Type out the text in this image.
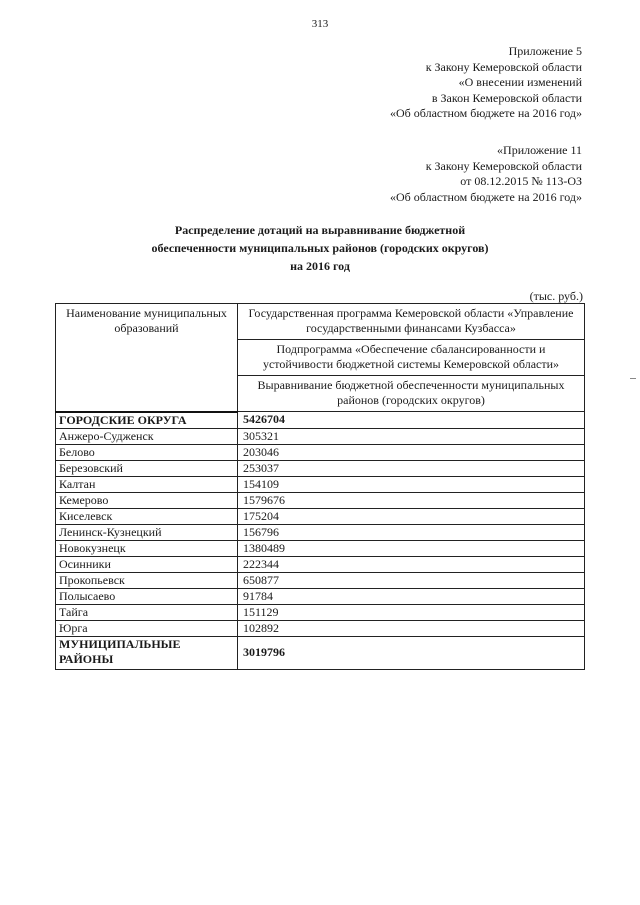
313
Приложение 5
к Закону Кемеровской области
«О внесении изменений
в Закон Кемеровской области
«Об областном бюджете на 2016 год»
«Приложение 11
к Закону Кемеровской области
от 08.12.2015 № 113-ОЗ
«Об областном бюджете на 2016 год»
Распределение дотаций на выравнивание бюджетной
обеспеченности муниципальных районов (городских округов)
на 2016 год
(тыс. руб.)
Наименование муниципальных образований	Государственная программа Кемеровской области «Управление государственными финансами Кузбасса»
	Подпрограмма «Обеспечение сбалансированности и устойчивости бюджетной системы Кемеровской области»
	Выравнивание бюджетной обеспеченности муниципальных районов (городских округов)
ГОРОДСКИЕ ОКРУГА	5426704
Анжеро-Судженск	305321
Белово	203046
Березовский	253037
Калтан	154109
Кемерово	1579676
Киселевск	175204
Ленинск-Кузнецкий	156796
Новокузнецк	1380489
Осинники	222344
Прокопьевск	650877
Полысаево	91784
Тайга	151129
Юрга	102892
МУНИЦИПАЛЬНЫЕ РАЙОНЫ	3019796
